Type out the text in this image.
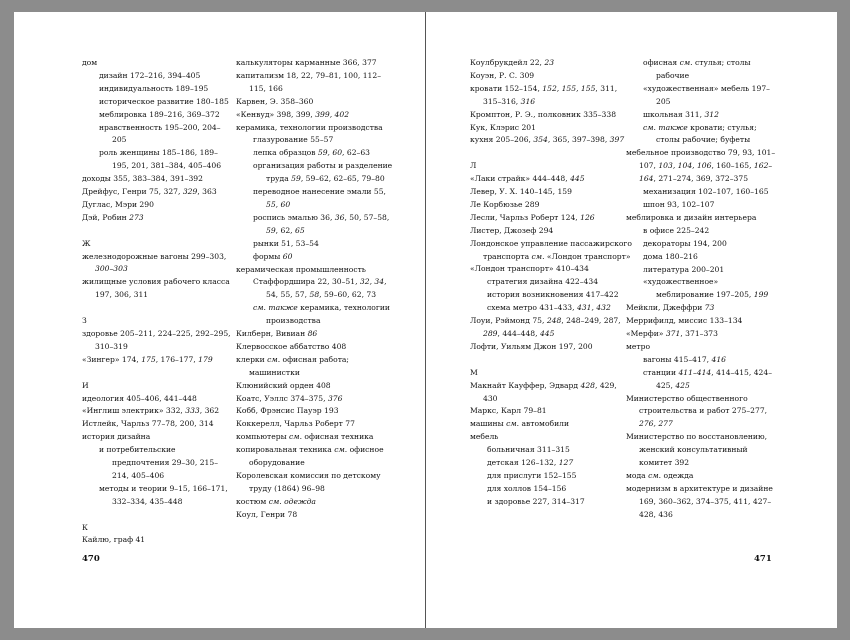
дом

дизайн 172–216, 394–405

индивидуальность 189–195

историческое развитие 180–185

меблировка 189–216, 369–372

нравственность 195–200, 204–205

роль женщины 185–186, 189–195, 201, 381–384, 405–406

доходы 355, 383–384, 391–392

Дрейфус, Генри 75, 327, 329, 363

Дуглас, Мэри 290

Дэй, Робин 273

Ж

железнодорожные вагоны 299–303, 300–303

жилищные условия рабочего класса 197, 306, 311

З

здоровье 205–211, 224–225, 292–295, 310–319

«Зингер» 174, 175, 176–177, 179

И

идеология 405–406, 441–448

«Инглиш электрик» 332, 333, 362

Истлейк, Чарльз 77–78, 200, 314

история дизайна

и потребительские предпочтения 29–30, 215–214, 405–406

методы и теории 9–15, 166–171, 332–334, 435–448

К

Кайлю, граф 41

калькуляторы карманные 366, 377

капитализм 18, 22, 79–81, 100, 112–115, 166

Карвен, Э. 358–360

«Кенвуд» 398, 399, 399, 402

керамика, технологии производства

глазурование 55–57

лепка образцов 59, 60, 62–63

организация работы и разделение труда 59, 59–62, 62–65, 79–80

переводное нанесение эмали 55, 55, 60

роспись эмалью 36, 36, 50, 57–58, 59, 62, 65

рынки 51, 53–54

формы 60

керамическая промышленность

Стаффордшира 22, 30–51, 32, 34, 54, 55, 57, 58, 59–60, 62, 73

см. также керамика, технологии производства

Килберн, Вивиан 86

Клервосское аббатство 408

клерки см. офисная работа; машинистки

Клюнийский орден 408

Коатс, Уэллс 374–375, 376

Кобб, Фрэнсис Пауэр 193

Коккерелл, Чарльз Роберт 77

компьютеры см. офисная техника

копировальная техника см. офисное оборудование

Королевская комиссия по детскому труду (1864) 96–98

костюм см. одежда

Коул, Генри 78

470

Коулбрукдейл 22, 23

Коуэн, Р. С. 309

кровати 152–154, 152, 155, 155, 311, 315–316, 316

Кромптон, Р. Э., полковник 335–338

Кук, Клэрис 201

кухня 205–206, 354, 365, 397–398, 397

Л

«Лаки страйк» 444–448, 445

Левер, У. Х. 140–145, 159

Ле Корбюзье 289

Лесли, Чарльз Роберт 124, 126

Листер, Джозеф 294

Лондонское управление пассажирского транспорта см. «Лондон транспорт»

«Лондон транспорт» 410–434

стратегия дизайна 422–434

история возникновения 417–422

схема метро 431–433, 431, 432

Лоуи, Рэймонд 75, 248, 248–249, 287, 289, 444–448, 445

Лофти, Уильям Джон 197, 200

М

Макнайт Кауффер, Эдвард 428, 429, 430

Маркс, Карл 79–81

машины см. автомобили

мебель

больничная 311–315

детская 126–132, 127

для прислуги 152–155

для холлов 154–156

и здоровье 227, 314–317

офисная см. стулья; столы рабочие

«художественная» мебель 197–205

школьная 311, 312

см. также кровати; стулья; столы рабочие; буфеты

мебельное производство 79, 93, 101–107, 103, 104, 106, 160–165, 162–164, 271–274, 369, 372–375

механизация 102–107, 160–165

шпон 93, 102–107

меблировка и дизайн интерьера

в офисе 225–242

декораторы 194, 200

дома 180–216

литература 200–201

«художественное» меблирование 197–205, 199

Мейкли, Джеффри 73

Меррифилд, миссис 133–134

«Мерфи» 371, 371–373

метро

вагоны 415–417, 416

станции 411–414, 414–415, 424–425, 425

Министерство общественного строительства и работ 275–277, 276, 277

Министерство по восстановлению, женский консультативный комитет 392

мода см. одежда

модернизм в архитектуре и дизайне 169, 360–362, 374–375, 411, 427–428, 436

471
